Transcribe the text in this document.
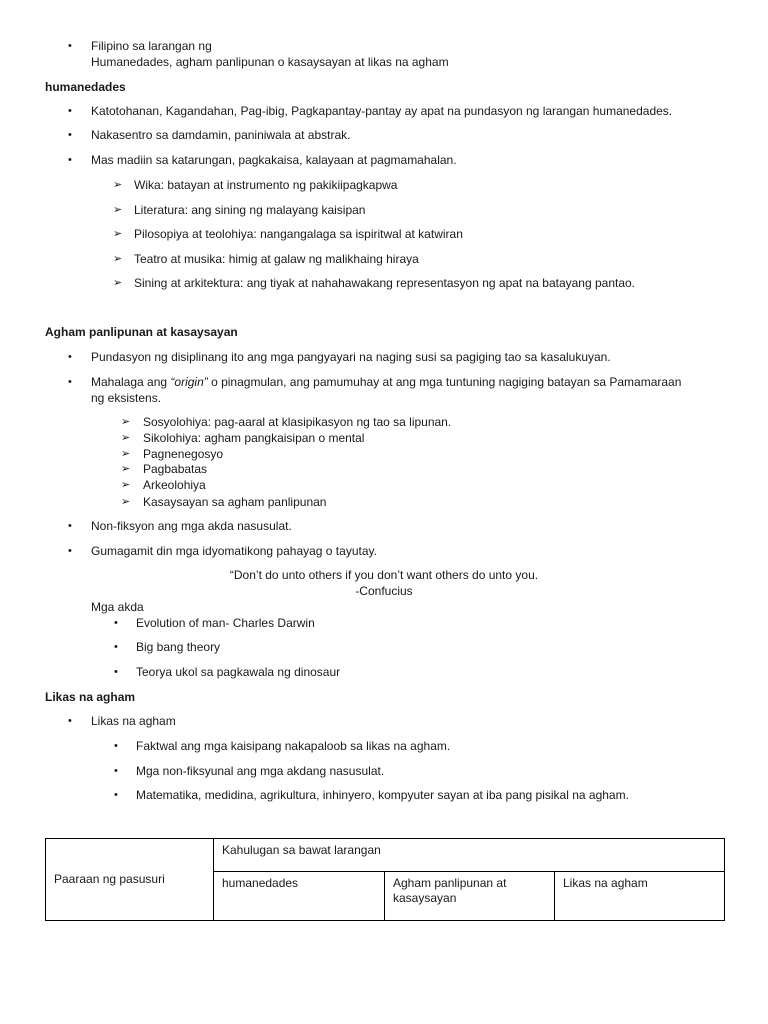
• Filipino sa larangan ng
Humanedades, agham panlipunan o kasaysayan at likas na agham
humanedades
• Katotohanan, Kagandahan, Pag-ibig, Pagkapantay-pantay ay apat na pundasyon ng larangan humanedades.
• Nakasentro sa damdamin, paniniwala at abstrak.
• Mas madiin sa katarungan, pagkakaisa, kalayaan at pagmamahalan.
➢ Wika: batayan at instrumento ng pakikiipagkapwa
➢ Literatura: ang sining ng malayang kaisipan
➢ Pilosopiya at teolohiya: nangangalaga sa ispiritwal at katwiran
➢ Teatro at musika: himig at galaw ng malikhaing hiraya
➢ Sining at arkitektura: ang tiyak at nahahawakang representasyon ng apat na batayang pantao.
Agham panlipunan at kasaysayan
• Pundasyon ng disiplinang ito ang mga pangyayari na naging susi sa pagiging tao sa kasalukuyan.
• Mahalaga ang “origin” o pinagmulan, ang pamumuhay at ang mga tuntuning nagiging batayan sa Pamamaraan
ng eksistens.
➢ Sosyolohiya: pag-aaral at klasipikasyon ng tao sa lipunan.
➢ Sikolohiya: agham pangkaisipan o mental
➢ Pagnenegosyo
➢ Pagbabatas
➢ Arkeolohiya
➢ Kasaysayan sa agham panlipunan
• Non-fiksyon ang mga akda nasusulat.
• Gumagamit din mga idyomatikong pahayag o tayutay.
“Don’t do unto others if you don’t want others do unto you.
-Confucius
Mga akda
• Evolution of man- Charles Darwin
• Big bang theory
• Teorya ukol sa pagkawala ng dinosaur
Likas na agham
• Likas na agham
• Faktwal ang mga kaisipang nakapaloob sa likas na agham.
• Mga non-fiksyunal ang mga akdang nasusulat.
• Matematika, medidina, agrikultura, inhinyero, kompyuter sayan at iba pang pisikal na agham.
Paaraan ng pasusuri	Kahulugan sa bawat larangan		
	humanedades	Agham panlipunan at kasaysayan	Likas na agham
